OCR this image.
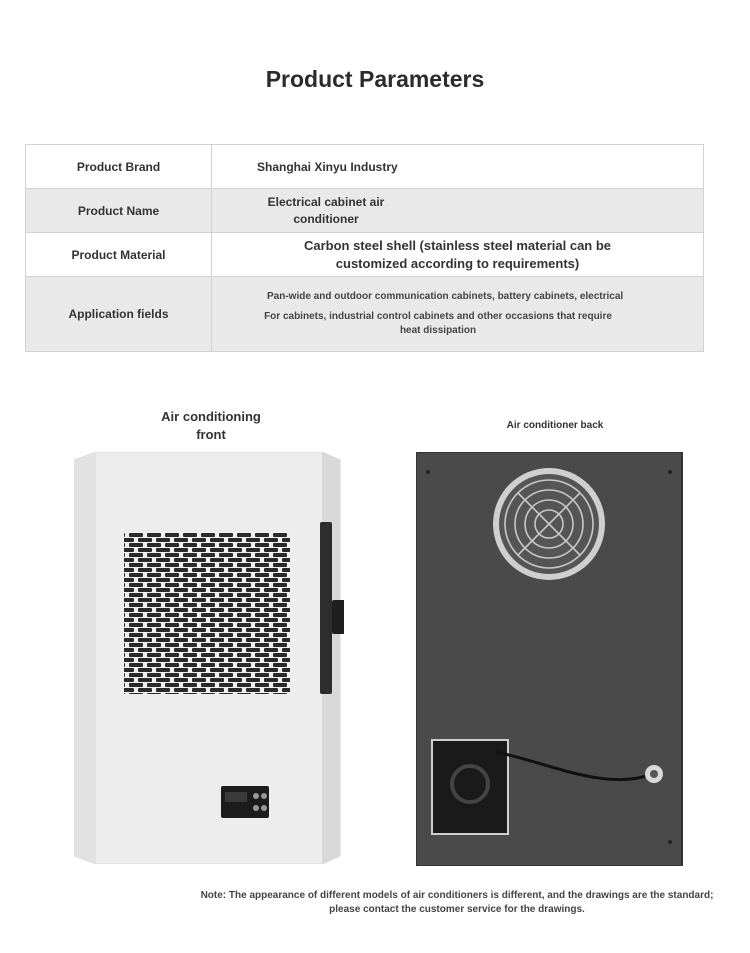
Product Parameters
Product Brand	Shanghai Xinyu Industry
Product Name	Electrical cabinet air conditioner
Product Material	Carbon steel shell (stainless steel material can be customized according to requirements)
Application fields	Pan-wide and outdoor communication cabinets, battery cabinets, electrical
For cabinets, industrial control cabinets and other occasions that require heat dissipation
Air conditioning front
Air conditioner back
Note: The appearance of different models of air conditioners is different, and the drawings are the standard; please contact the customer service for the drawings.
